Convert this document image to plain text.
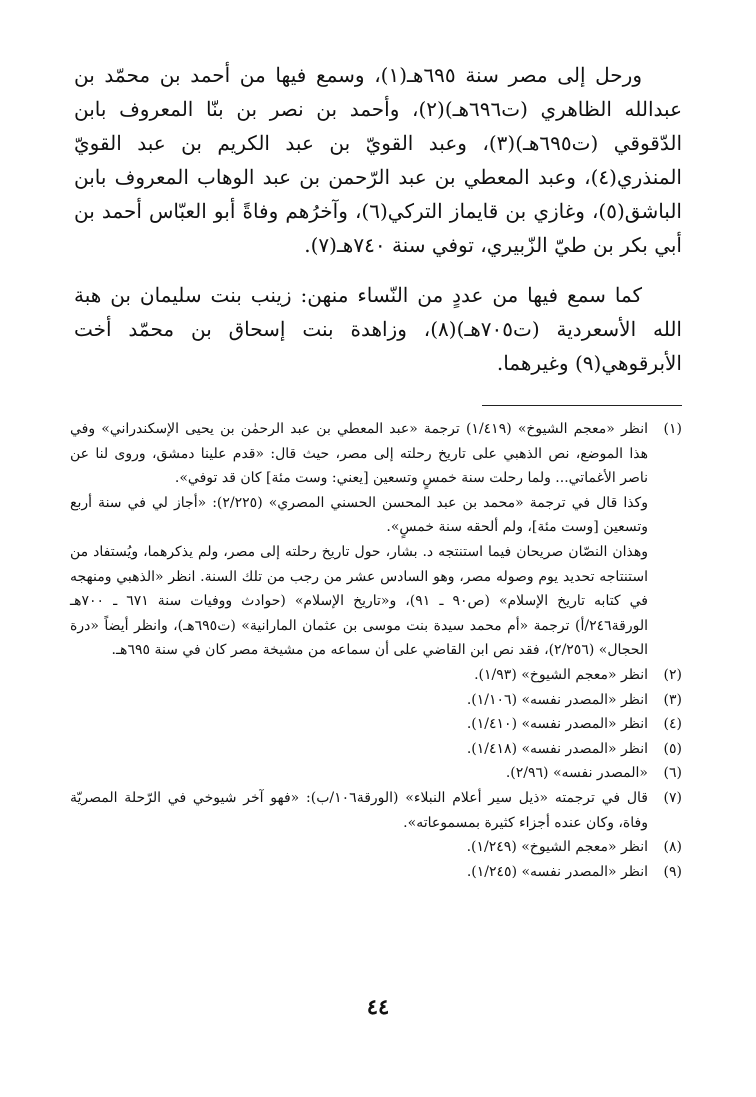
ورحل إلى مصر سنة ٦٩٥هـ(١)، وسمع فيها من أحمد بن محمّد بن عبدالله الظاهري (ت٦٩٦هـ)(٢)، وأحمد بن نصر بن بنّا المعروف بابن الدّقوقي (ت٦٩٥هـ)(٣)، وعبد القويّ بن عبد الكريم بن عبد القويّ المنذري(٤)، وعبد المعطي بن عبد الرّحمن بن عبد الوهاب المعروف بابن الباشق(٥)، وغازي بن قايماز التركي(٦)، وآخرُهم وفاةً أبو العبّاس أحمد بن أبي بكر بن طيّ الزّبيري، توفي سنة ٧٤٠هـ(٧).

كما سمع فيها من عددٍ من النّساء منهن: زينب بنت سليمان بن هبة الله الأسعردية (ت٧٠٥هـ)(٨)، وزاهدة بنت إسحاق بن محمّد أخت الأبرقوهي(٩) وغيرهما.

(١)
انظر «معجم الشيوخ» (١/٤١٩) ترجمة «عبد المعطي بن عبد الرحمٰن بن يحيى الإسكندراني» وفي هذا الموضع، نص الذهبي على تاريخ رحلته إلى مصر، حيث قال: «قدم علينا دمشق، وروى لنا عن ناصر الأغماتي... ولما رحلت سنة خمسٍ وتسعين [يعني: وست مئة] كان قد توفي».
وكذا قال في ترجمة «محمد بن عبد المحسن الحسني المصري» (٢/٢٢٥): «أجاز لي في سنة أربع وتسعين [وست مئة]، ولم ألحقه سنة خمسٍ».
وهذان النصّان صريحان فيما استنتجه د. بشار، حول تاريخ رحلته إلى مصر، ولم يذكرهما، ويُستفاد من استنتاجه تحديد يوم وصوله مصر، وهو السادس عشر من رجب من تلك السنة. انظر «الذهبي ومنهجه في كتابه تاريخ الإسلام» (ص٩٠ ـ ٩١)، و«تاريخ الإسلام» (حوادث ووفيات سنة ٦٧١ ـ ٧٠٠هـ الورقة٢٤٦/أ) ترجمة «أم محمد سيدة بنت موسى بن عثمان المارانية» (ت٦٩٥هـ)، وانظر أيضاً «درة الحجال» (٢/٢٥٦)، فقد نص ابن القاضي على أن سماعه من مشيخة مصر كان في سنة ٦٩٥هـ.
(٢)
انظر «معجم الشيوخ» (١/٩٣).
(٣)
انظر «المصدر نفسه» (١/١٠٦).
(٤)
انظر «المصدر نفسه» (١/٤١٠).
(٥)
انظر «المصدر نفسه» (١/٤١٨).
(٦)
«المصدر نفسه» (٢/٩٦).
(٧)
قال في ترجمته «ذيل سير أعلام النبلاء» (الورقة١٠٦/ب): «فهو آخر شيوخي في الرّحلة المصريّة وفاة، وكان عنده أجزاء كثيرة بمسموعاته».
(٨)
انظر «معجم الشيوخ» (١/٢٤٩).
(٩)
انظر «المصدر نفسه» (١/٢٤٥).
٤٤
